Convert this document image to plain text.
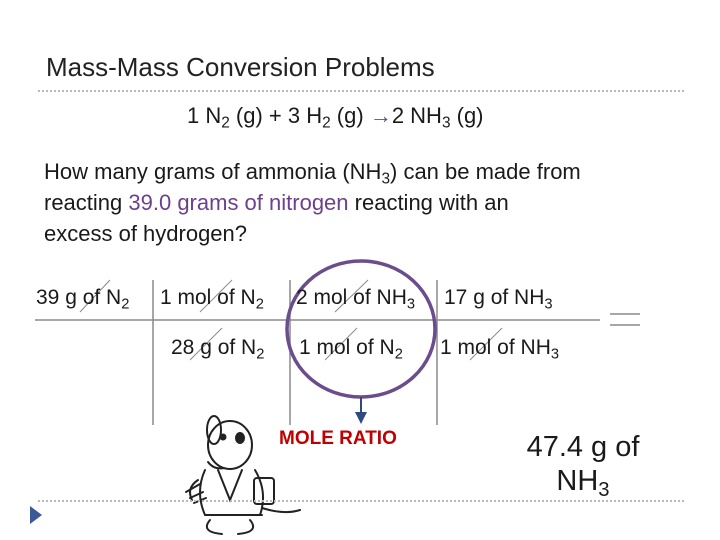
Mass-Mass Conversion Problems
1 $N_2$ (g) + 3 $H_2$ (g) →2 $NH_3$ (g)
How many grams of ammonia $(NH_3)$ can be made from
reacting 39.0 grams of nitrogen reacting with an
excess of hydrogen?
39 g of $N_2$ 1 mol of $N_2$ 2 mol of $NH_3$ 17 g of $NH_3$
28 g of $N_2$ 1 mol of $N_2$ 1 mol of $NH_3$
MOLE RATIO	47.4 g of
$NH_3$
